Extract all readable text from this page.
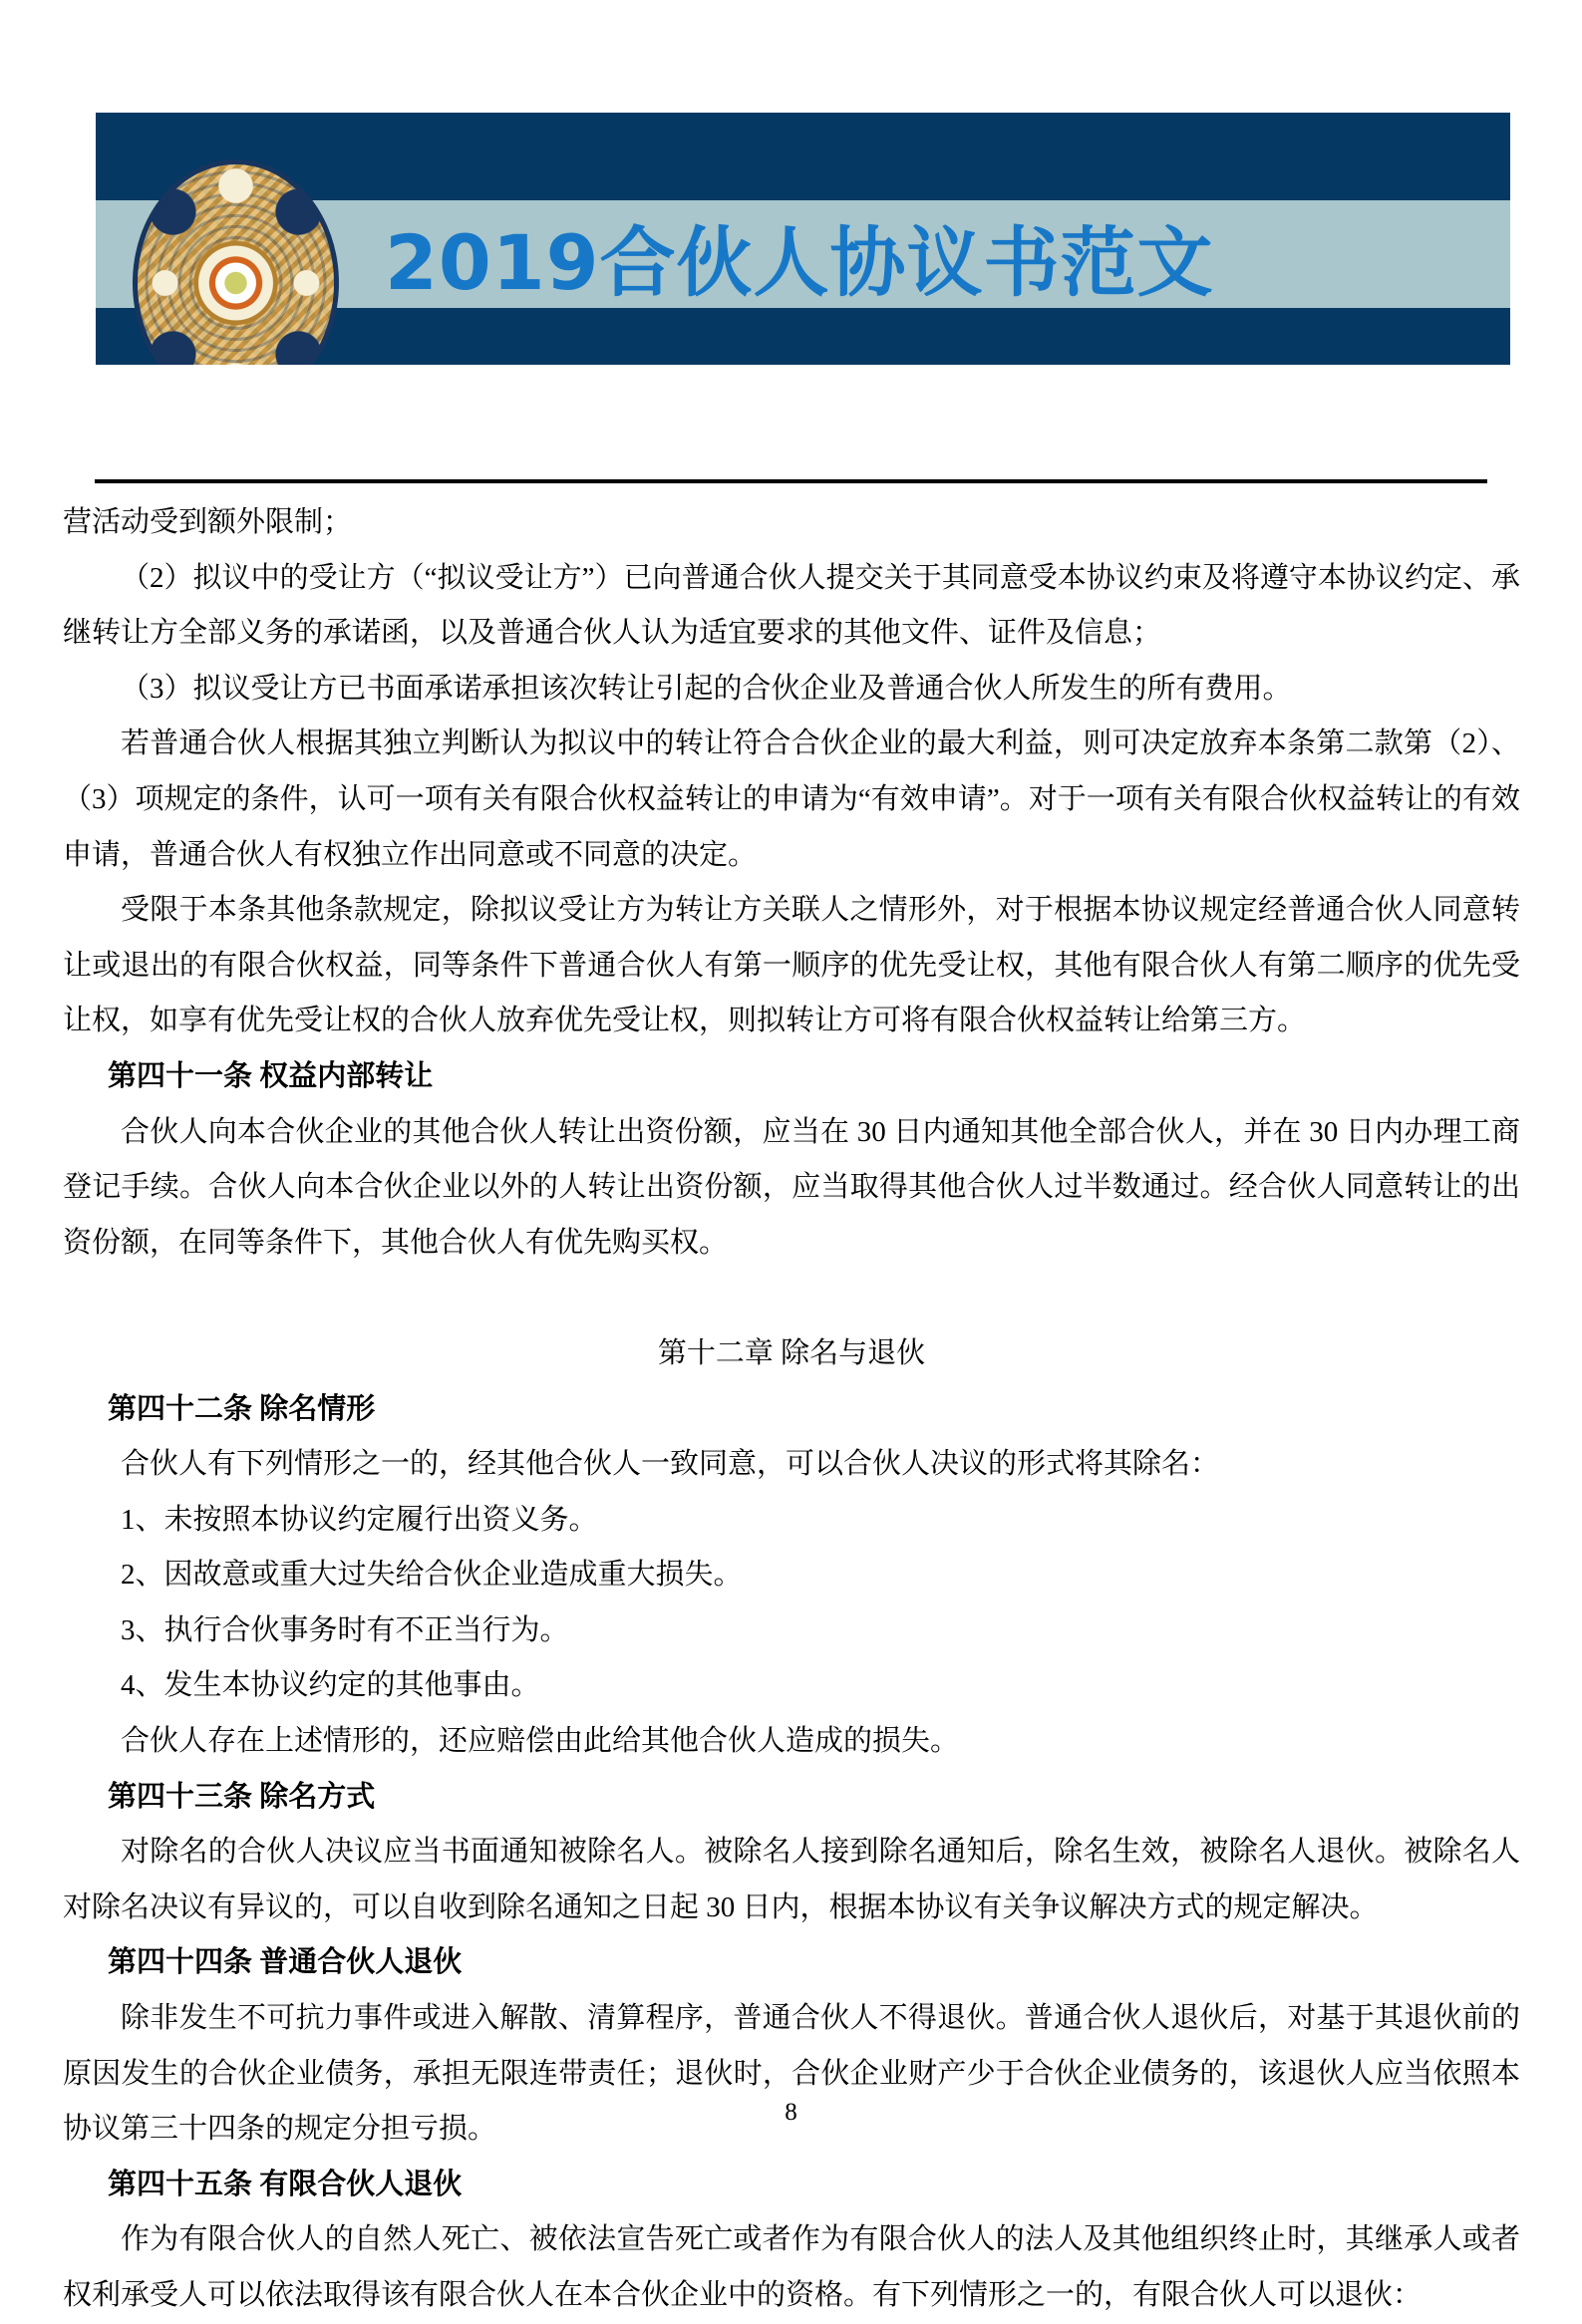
2019合伙人协议书范文

营活动受到额外限制；

（2）拟议中的受让方（“拟议受让方”）已向普通合伙人提交关于其同意受本协议约束及将遵守本协议约定、承继转让方全部义务的承诺函，以及普通合伙人认为适宜要求的其他文件、证件及信息；

（3）拟议受让方已书面承诺承担该次转让引起的合伙企业及普通合伙人所发生的所有费用。

若普通合伙人根据其独立判断认为拟议中的转让符合合伙企业的最大利益，则可决定放弃本条第二款第（2）、（3）项规定的条件，认可一项有关有限合伙权益转让的申请为“有效申请”。对于一项有关有限合伙权益转让的有效申请，普通合伙人有权独立作出同意或不同意的决定。

受限于本条其他条款规定，除拟议受让方为转让方关联人之情形外，对于根据本协议规定经普通合伙人同意转让或退出的有限合伙权益，同等条件下普通合伙人有第一顺序的优先受让权，其他有限合伙人有第二顺序的优先受让权，如享有优先受让权的合伙人放弃优先受让权，则拟转让方可将有限合伙权益转让给第三方。

第四十一条 权益内部转让

合伙人向本合伙企业的其他合伙人转让出资份额，应当在 30 日内通知其他全部合伙人，并在 30 日内办理工商登记手续。合伙人向本合伙企业以外的人转让出资份额，应当取得其他合伙人过半数通过。经合伙人同意转让的出资份额，在同等条件下，其他合伙人有优先购买权。

第十二章 除名与退伙

第四十二条 除名情形

合伙人有下列情形之一的，经其他合伙人一致同意，可以合伙人决议的形式将其除名：

1、未按照本协议约定履行出资义务。

2、因故意或重大过失给合伙企业造成重大损失。

3、执行合伙事务时有不正当行为。

4、发生本协议约定的其他事由。

合伙人存在上述情形的，还应赔偿由此给其他合伙人造成的损失。

第四十三条 除名方式

对除名的合伙人决议应当书面通知被除名人。被除名人接到除名通知后，除名生效，被除名人退伙。被除名人对除名决议有异议的，可以自收到除名通知之日起 30 日内，根据本协议有关争议解决方式的规定解决。

第四十四条 普通合伙人退伙

除非发生不可抗力事件或进入解散、清算程序，普通合伙人不得退伙。普通合伙人退伙后，对基于其退伙前的原因发生的合伙企业债务，承担无限连带责任；退伙时，合伙企业财产少于合伙企业债务的，该退伙人应当依照本协议第三十四条的规定分担亏损。

第四十五条 有限合伙人退伙

作为有限合伙人的自然人死亡、被依法宣告死亡或者作为有限合伙人的法人及其他组织终止时，其继承人或者权利承受人可以依法取得该有限合伙人在本合伙企业中的资格。有下列情形之一的，有限合伙人可以退伙：

8
